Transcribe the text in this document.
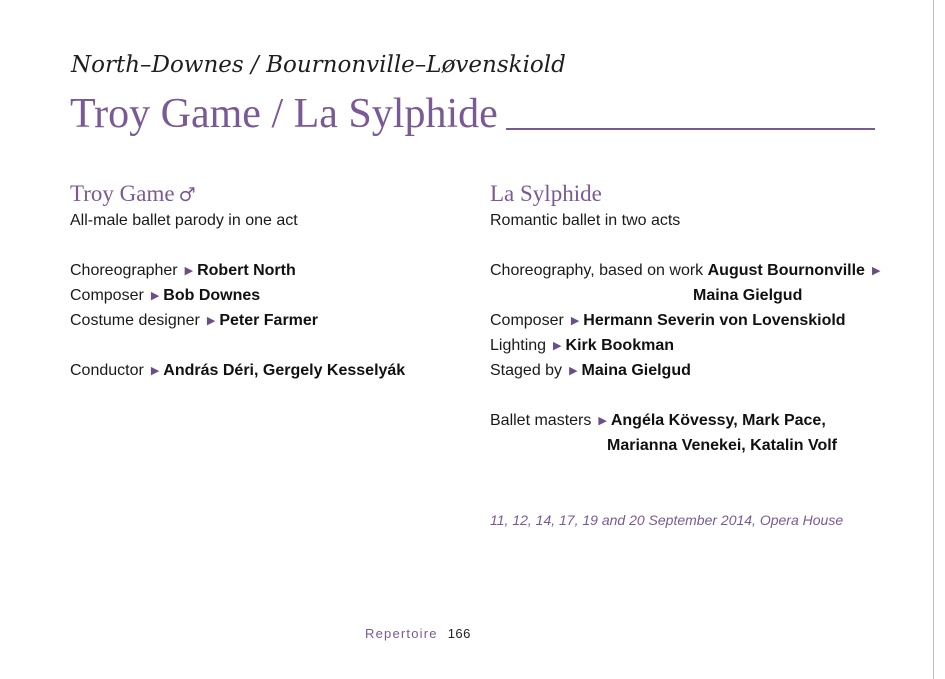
North–Downes / Bournonville–Løvenskiold
Troy Game / La Sylphide
Troy Game ♂
All-male ballet parody in one act
Choreographer ▶ Robert North
Composer ▶ Bob Downes
Costume designer ▶ Peter Farmer
Conductor ▶ András Déri, Gergely Kesselyák
La Sylphide
Romantic ballet in two acts
Choreography, based on work August Bournonville ▶
Maina Gielgud
Composer ▶ Hermann Severin von Lovenskiold
Lighting ▶ Kirk Bookman
Staged by ▶ Maina Gielgud
Ballet masters ▶ Angéla Kövessy, Mark Pace,
Marianna Venekei, Katalin Volf
11, 12, 14, 17, 19 and 20 September 2014, Opera House
Repertoire 166
